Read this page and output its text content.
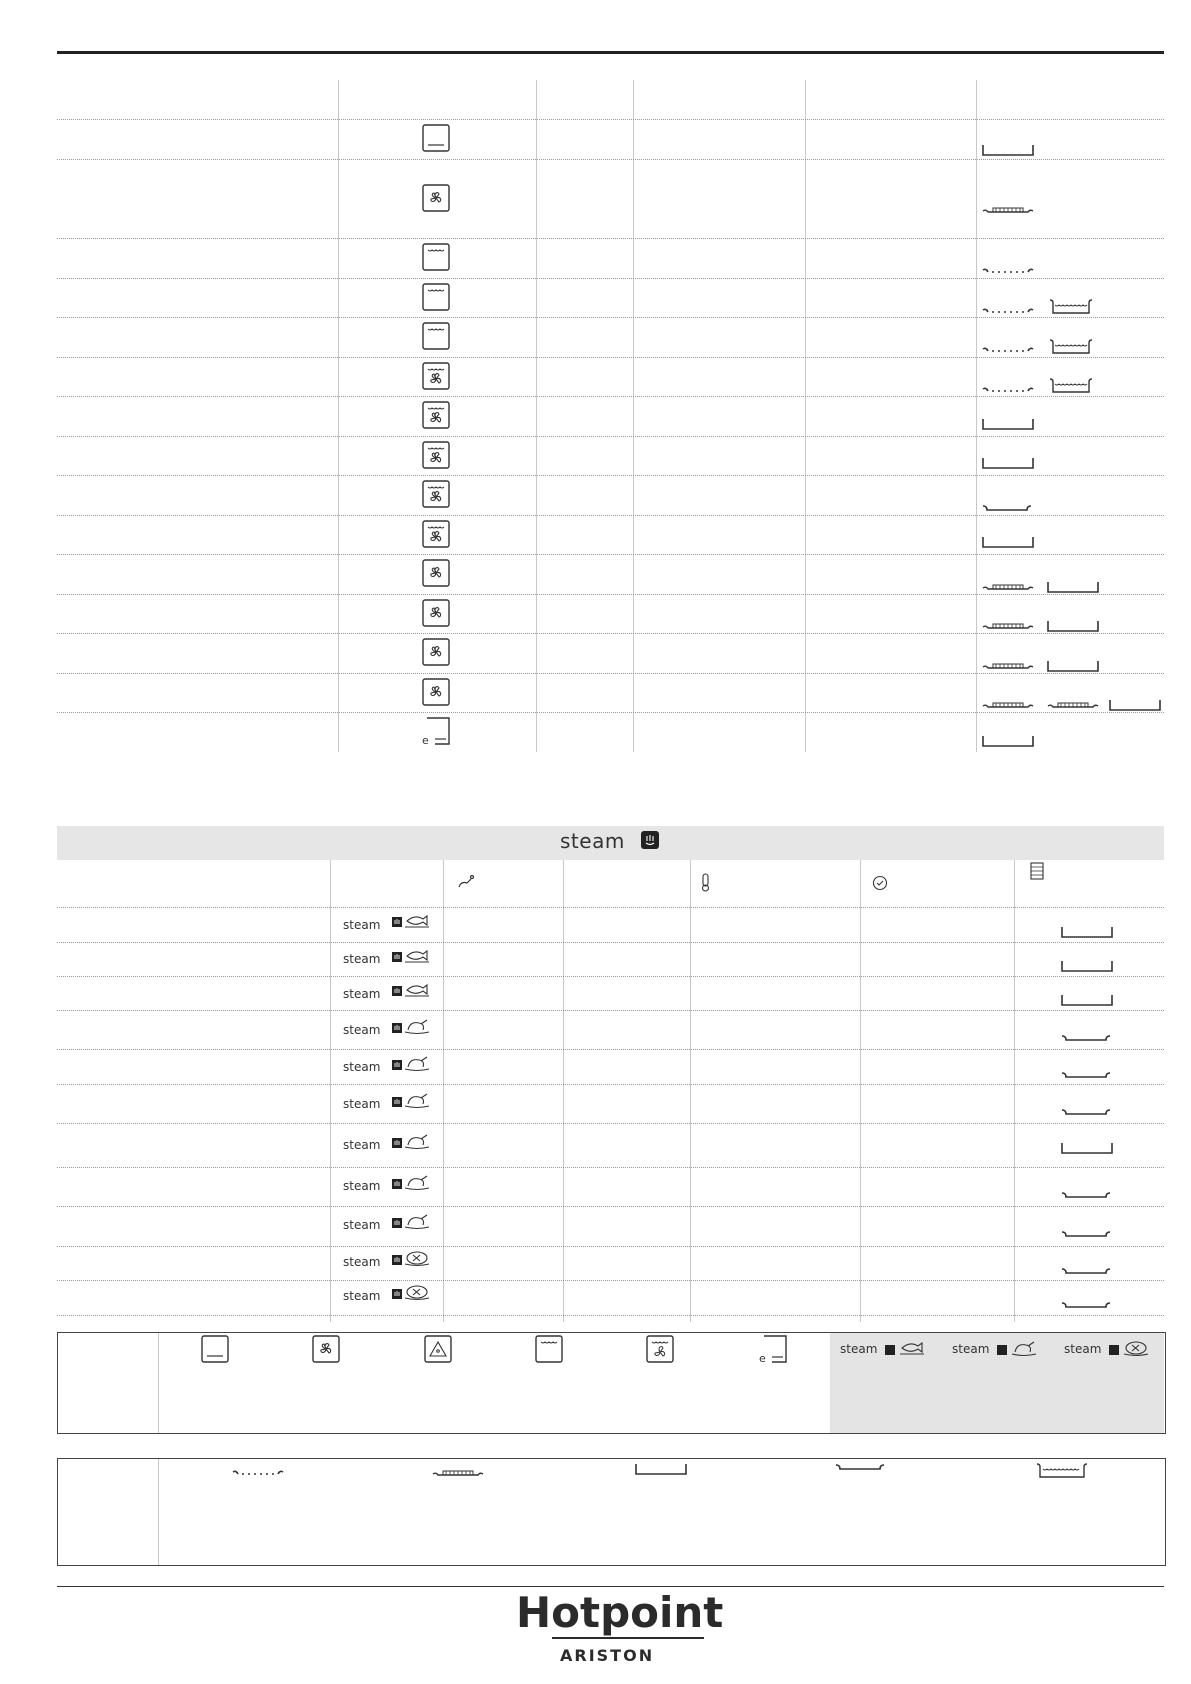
e
steam
steam
steam
steam
steam
steam
steam
steam
steam
steam
steam
steam
steam	steam	steam
e
Hotpoint
ARISTON
